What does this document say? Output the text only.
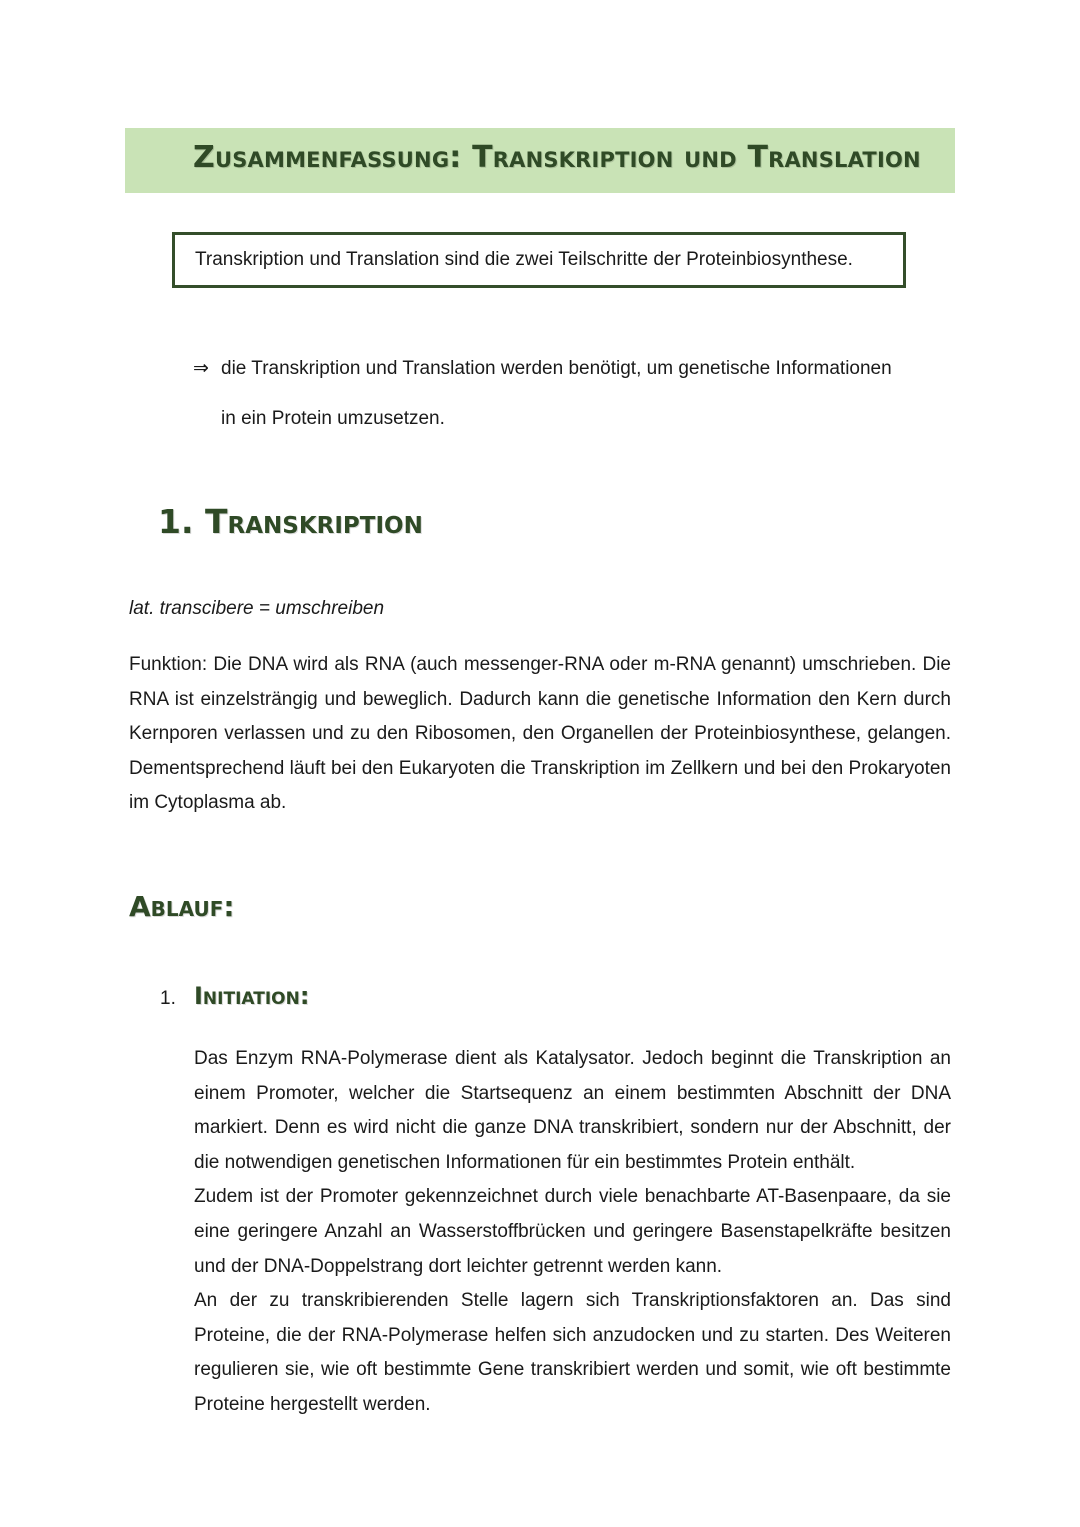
Zusammenfassung: Transkription und Translation
Transkription und Translation sind die zwei Teilschritte der Proteinbiosynthese.
⇒ die Transkription und Translation werden benötigt, um genetische Informationen
in ein Protein umzusetzen.
1. Transkription
lat. transcibere = umschreiben

Funktion: Die DNA wird als RNA (auch messenger-RNA oder m-RNA genannt) umschrieben. Die RNA ist einzelsträngig und beweglich. Dadurch kann die genetische Information den Kern durch Kernporen verlassen und zu den Ribosomen, den Organellen der Proteinbiosynthese, gelangen. Dementsprechend läuft bei den Eukaryoten die Transkription im Zellkern und bei den Prokaryoten im Cytoplasma ab.

Ablauf:
1. Initiation:

Das Enzym RNA-Polymerase dient als Katalysator. Jedoch beginnt die Transkription an einem Promoter, welcher die Startsequenz an einem bestimmten Abschnitt der DNA markiert. Denn es wird nicht die ganze DNA transkribiert, sondern nur der Abschnitt, der die notwendigen genetischen Informationen für ein bestimmtes Protein enthält.

Zudem ist der Promoter gekennzeichnet durch viele benachbarte AT-Basenpaare, da sie eine geringere Anzahl an Wasserstoffbrücken und geringere Basenstapelkräfte besitzen und der DNA-Doppelstrang dort leichter getrennt werden kann.

An der zu transkribierenden Stelle lagern sich Transkriptionsfaktoren an. Das sind Proteine, die der RNA-Polymerase helfen sich anzudocken und zu starten. Des Weiteren regulieren sie, wie oft bestimmte Gene transkribiert werden und somit, wie oft bestimmte Proteine hergestellt werden.
